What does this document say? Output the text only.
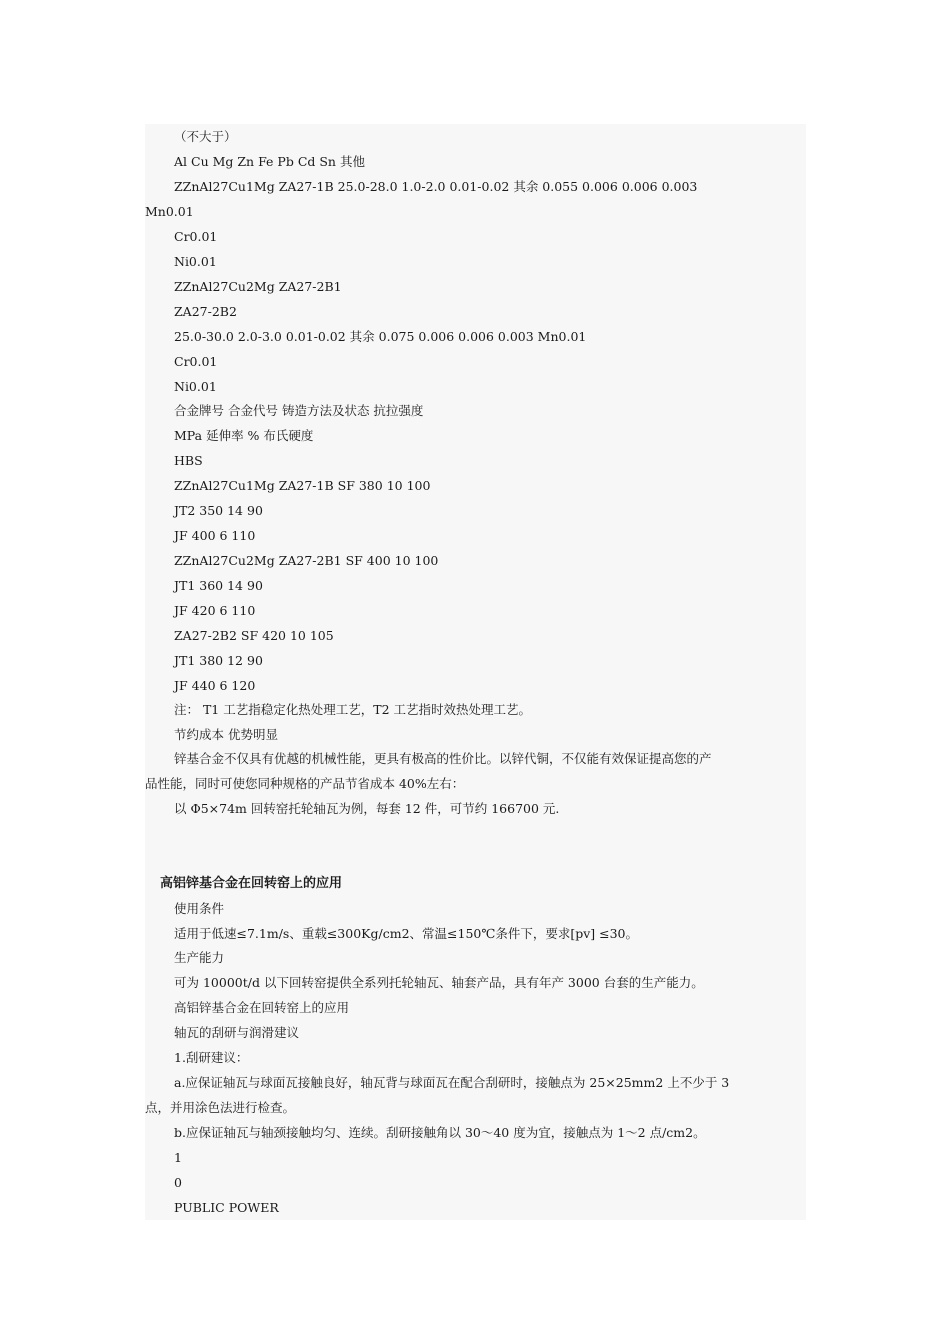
（不大于）
Al Cu Mg Zn Fe Pb Cd Sn 其他
ZZnAl27Cu1Mg ZA27-1B 25.0-28.0 1.0-2.0 0.01-0.02 其余 0.055 0.006 0.006 0.003
Mn0.01
Cr0.01
Ni0.01
ZZnAl27Cu2Mg ZA27-2B1
ZA27-2B2
25.0-30.0 2.0-3.0 0.01-0.02 其余 0.075 0.006 0.006 0.003 Mn0.01
Cr0.01
Ni0.01
合金牌号 合金代号 铸造方法及状态 抗拉强度
MPa 延伸率 % 布氏硬度
HBS
ZZnAl27Cu1Mg ZA27-1B SF 380 10 100
JT2 350 14 90
JF 400 6 110
ZZnAl27Cu2Mg ZA27-2B1 SF 400 10 100
JT1 360 14 90
JF 420 6 110
ZA27-2B2 SF 420 10 105
JT1 380 12 90
JF 440 6 120
注： T1 工艺指稳定化热处理工艺，T2 工艺指时效热处理工艺。
节约成本 优势明显
锌基合金不仅具有优越的机械性能，更具有极高的性价比。以锌代铜，不仅能有效保证提高您的产
品性能，同时可使您同种规格的产品节省成本 40%左右：
以 Φ5×74m 回转窑托轮轴瓦为例，每套 12 件，可节约 166700 元.
高铝锌基合金在回转窑上的应用
使用条件
适用于低速≤7.1m/s、重载≤300Kg/cm2、常温≤150℃条件下，要求[pv] ≤30。
生产能力
可为 10000t/d 以下回转窑提供全系列托轮轴瓦、轴套产品，具有年产 3000 台套的生产能力。
高铝锌基合金在回转窑上的应用
轴瓦的刮研与润滑建议
1.刮研建议：
a.应保证轴瓦与球面瓦接触良好，轴瓦背与球面瓦在配合刮研时，接触点为 25×25mm2 上不少于 3
点，并用涂色法进行检查。
b.应保证轴瓦与轴颈接触均匀、连续。刮研接触角以 30～40 度为宜，接触点为 1～2 点/cm2。
1
0
PUBLIC POWER
